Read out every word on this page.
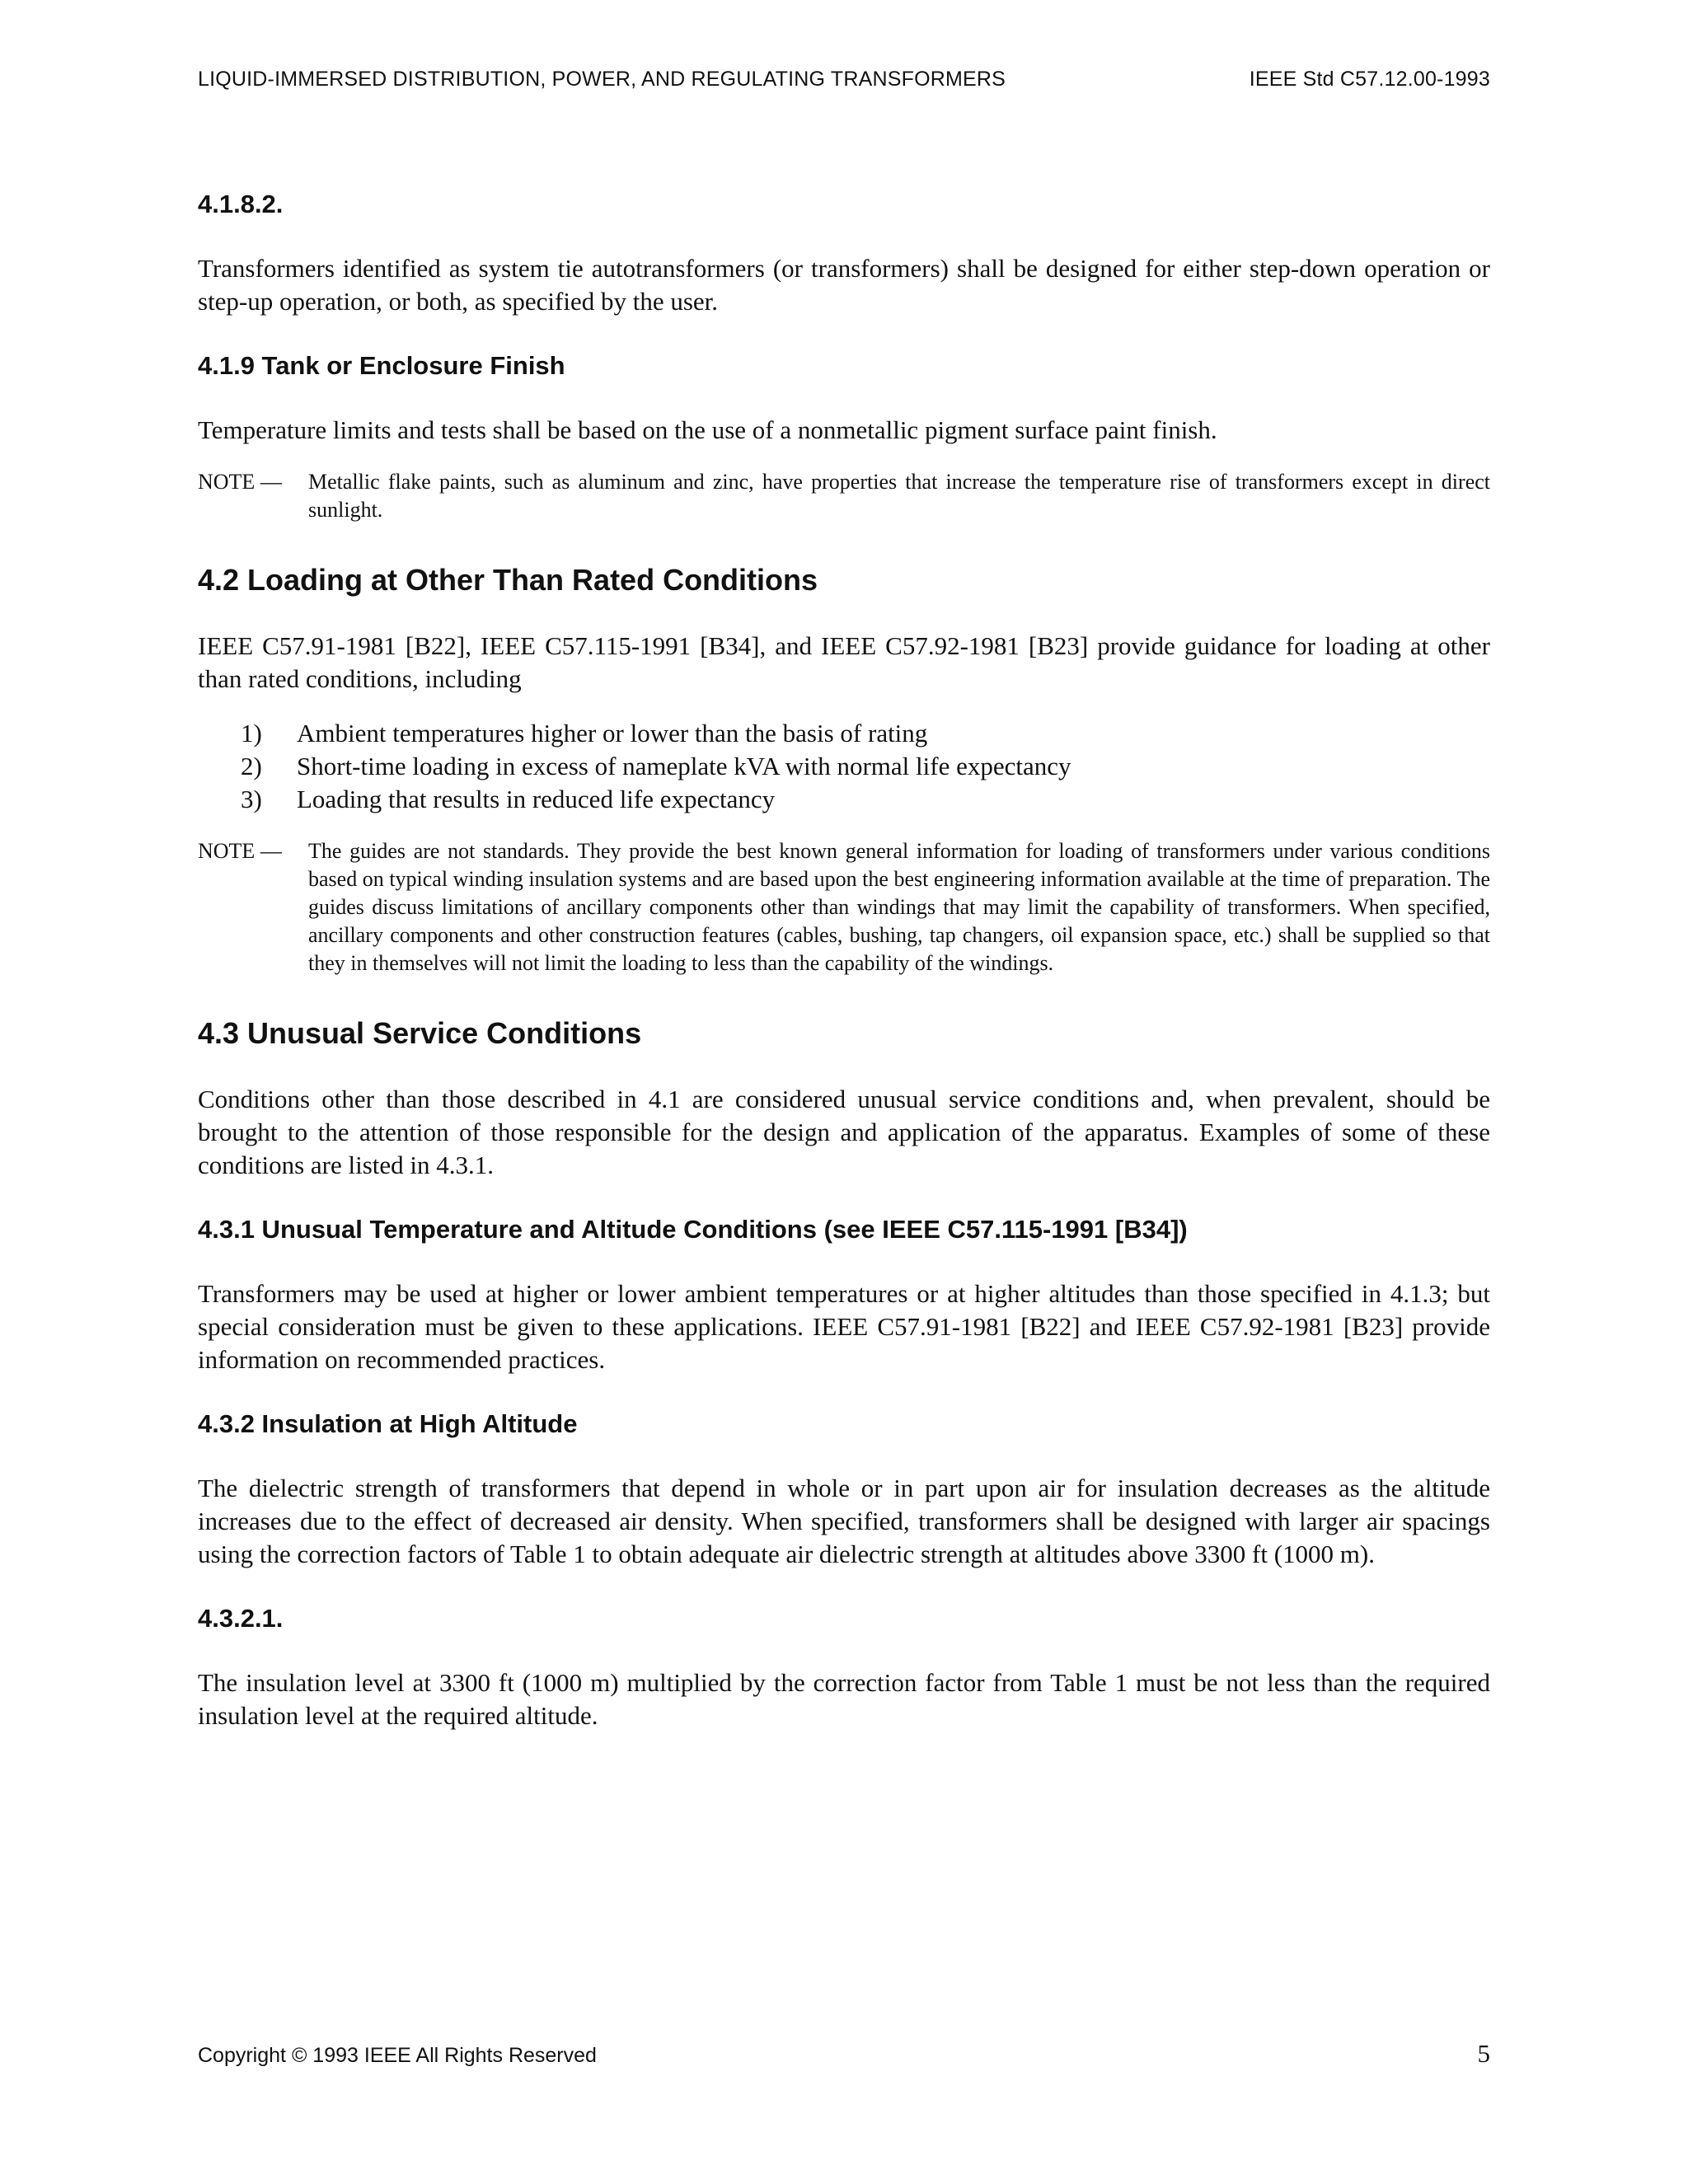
LIQUID-IMMERSED DISTRIBUTION, POWER, AND REGULATING TRANSFORMERS	IEEE Std C57.12.00-1993
4.1.8.2.

Transformers identified as system tie autotransformers (or transformers) shall be designed for either step-down operation or step-up operation, or both, as specified by the user.

4.1.9 Tank or Enclosure Finish

Temperature limits and tests shall be based on the use of a nonmetallic pigment surface paint finish.

NOTE —	Metallic flake paints, such as aluminum and zinc, have properties that increase the temperature rise of transformers except in direct sunlight.
4.2 Loading at Other Than Rated Conditions

IEEE C57.91-1981 [B22], IEEE C57.115-1991 [B34], and IEEE C57.92-1981 [B23] provide guidance for loading at other than rated conditions, including

1)	Ambient temperatures higher or lower than the basis of rating
2)	Short-time loading in excess of nameplate kVA with normal life expectancy
3)	Loading that results in reduced life expectancy
NOTE —	The guides are not standards. They provide the best known general information for loading of transformers under various conditions based on typical winding insulation systems and are based upon the best engineering information available at the time of preparation. The guides discuss limitations of ancillary components other than windings that may limit the capability of transformers. When specified, ancillary components and other construction features (cables, bushing, tap changers, oil expansion space, etc.) shall be supplied so that they in themselves will not limit the loading to less than the capability of the windings.
4.3 Unusual Service Conditions

Conditions other than those described in 4.1 are considered unusual service conditions and, when prevalent, should be brought to the attention of those responsible for the design and application of the apparatus. Examples of some of these conditions are listed in 4.3.1.

4.3.1 Unusual Temperature and Altitude Conditions (see IEEE C57.115-1991 [B34])

Transformers may be used at higher or lower ambient temperatures or at higher altitudes than those specified in 4.1.3; but special consideration must be given to these applications. IEEE C57.91-1981 [B22] and IEEE C57.92-1981 [B23] provide information on recommended practices.

4.3.2 Insulation at High Altitude

The dielectric strength of transformers that depend in whole or in part upon air for insulation decreases as the altitude increases due to the effect of decreased air density. When specified, transformers shall be designed with larger air spacings using the correction factors of Table 1 to obtain adequate air dielectric strength at altitudes above 3300 ft (1000 m).

4.3.2.1.

The insulation level at 3300 ft (1000 m) multiplied by the correction factor from Table 1 must be not less than the required insulation level at the required altitude.

Copyright © 1993 IEEE All Rights Reserved	5
